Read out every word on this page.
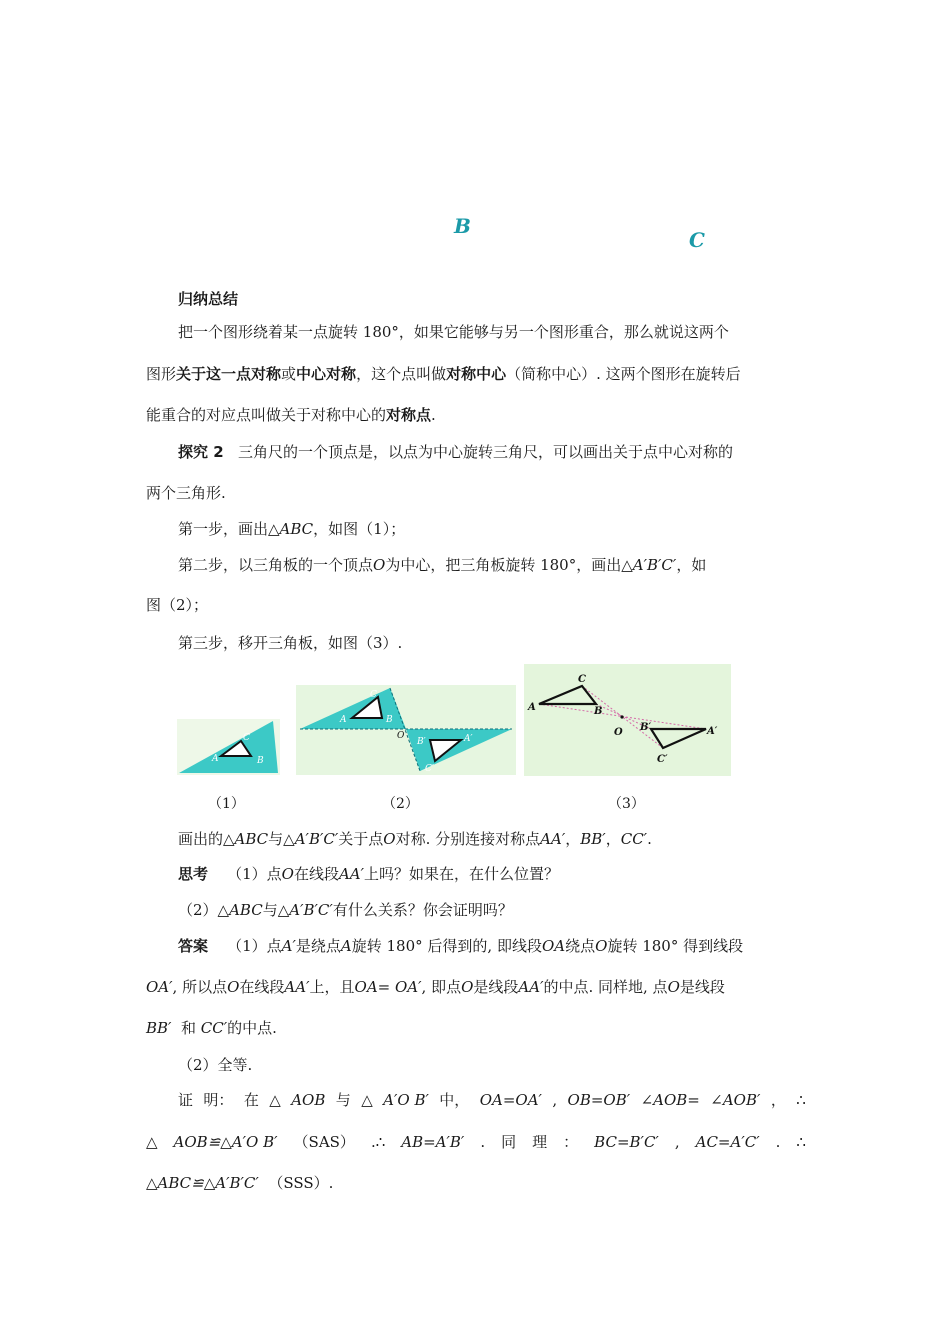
B
C
归纳总结
把一个图形绕着某一点旋转 180°，如果它能够与另一个图形重合，那么就说这两个
图形关于这一点对称或中心对称，这个点叫做对称中心（简称中心）. 这两个图形在旋转后
能重合的对应点叫做关于对称中心的对称点.
探究 2 三角尺的一个顶点是，以点为中心旋转三角尺，可以画出关于点中心对称的
两个三角形.
第一步，画出△ABC，如图（1）；
第二步，以三角板的一个顶点O为中心，把三角板旋转 180°，画出△A′B′C′，如
图（2）；
第三步，移开三角板，如图（3）.
A
C
B
A
C
B
O	A′
B′
C′
A
C
B
O B′	A′
C′
（1）	（2）	（3）
画出的△ABC与△A′B′C′关于点O对称. 分别连接对称点AA′，BB′，CC′.
思考 （1）点O在线段AA′上吗？如果在，在什么位置？
（2）△ABC与△A′B′C′有什么关系？你会证明吗？
答案 （1）点A′是绕点A旋转 180° 后得到的, 即线段OA绕点O旋转 180° 得到线段
OA′, 所以点O在线段AA′上，且OA= OA′, 即点O是线段AA′的中点. 同样地, 点O是线段
BB′ 和 CC′的中点.
（2）全等.
证 明： 在 △ AOB 与 △ A′O B′ 中， OA=OA′ , OB=OB′ ∠AOB= ∠AOB′ ， ∴
△ AOB≌△A′O B′ （SAS） .∴ AB=A′B′ . 同 理 ： BC=B′C′ , AC=A′C′ . ∴
△ABC≌△A′B′C′ （SSS）.
